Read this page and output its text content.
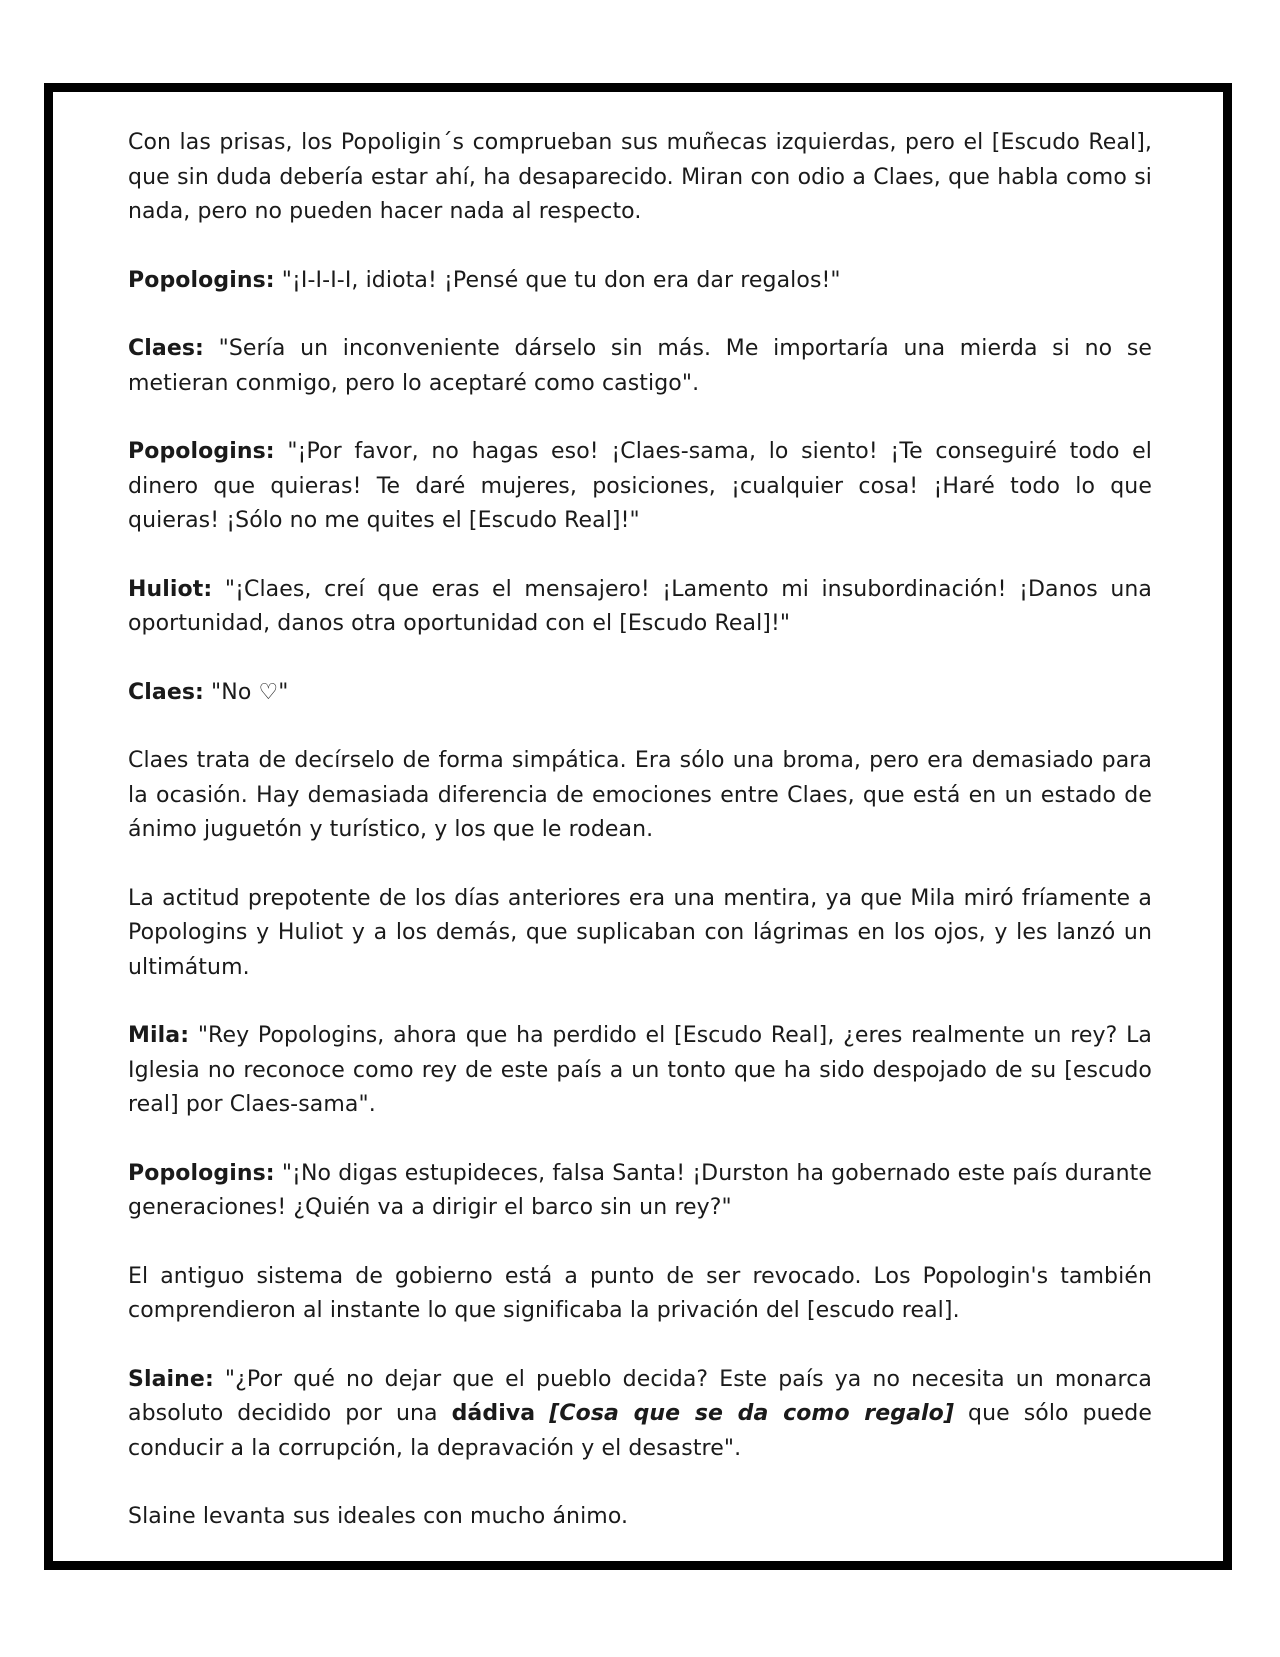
Con las prisas, los Popoligin´s comprueban sus muñecas izquierdas, pero el [Escudo Real], que sin duda debería estar ahí, ha desaparecido. Miran con odio a Claes, que habla como si nada, pero no pueden hacer nada al respecto.

Popologins: "¡I-I-I-I, idiota! ¡Pensé que tu don era dar regalos!"

Claes: "Sería un inconveniente dárselo sin más. Me importaría una mierda si no se metieran conmigo, pero lo aceptaré como castigo".

Popologins: "¡Por favor, no hagas eso! ¡Claes-sama, lo siento! ¡Te conseguiré todo el dinero que quieras! Te daré mujeres, posiciones, ¡cualquier cosa! ¡Haré todo lo que quieras! ¡Sólo no me quites el [Escudo Real]!"

Huliot: "¡Claes, creí que eras el mensajero! ¡Lamento mi insubordinación! ¡Danos una oportunidad, danos otra oportunidad con el [Escudo Real]!"

Claes: "No ♡"

Claes trata de decírselo de forma simpática. Era sólo una broma, pero era demasiado para la ocasión. Hay demasiada diferencia de emociones entre Claes, que está en un estado de ánimo juguetón y turístico, y los que le rodean.

La actitud prepotente de los días anteriores era una mentira, ya que Mila miró fríamente a Popologins y Huliot y a los demás, que suplicaban con lágrimas en los ojos, y les lanzó un ultimátum.

Mila: "Rey Popologins, ahora que ha perdido el [Escudo Real], ¿eres realmente un rey? La Iglesia no reconoce como rey de este país a un tonto que ha sido despojado de su [escudo real] por Claes-sama".

Popologins: "¡No digas estupideces, falsa Santa! ¡Durston ha gobernado este país durante generaciones! ¿Quién va a dirigir el barco sin un rey?"

El antiguo sistema de gobierno está a punto de ser revocado. Los Popologin's también comprendieron al instante lo que significaba la privación del [escudo real].

Slaine: "¿Por qué no dejar que el pueblo decida? Este país ya no necesita un monarca absoluto decidido por una dádiva [Cosa que se da como regalo] que sólo puede conducir a la corrupción, la depravación y el desastre".

Slaine levanta sus ideales con mucho ánimo.
